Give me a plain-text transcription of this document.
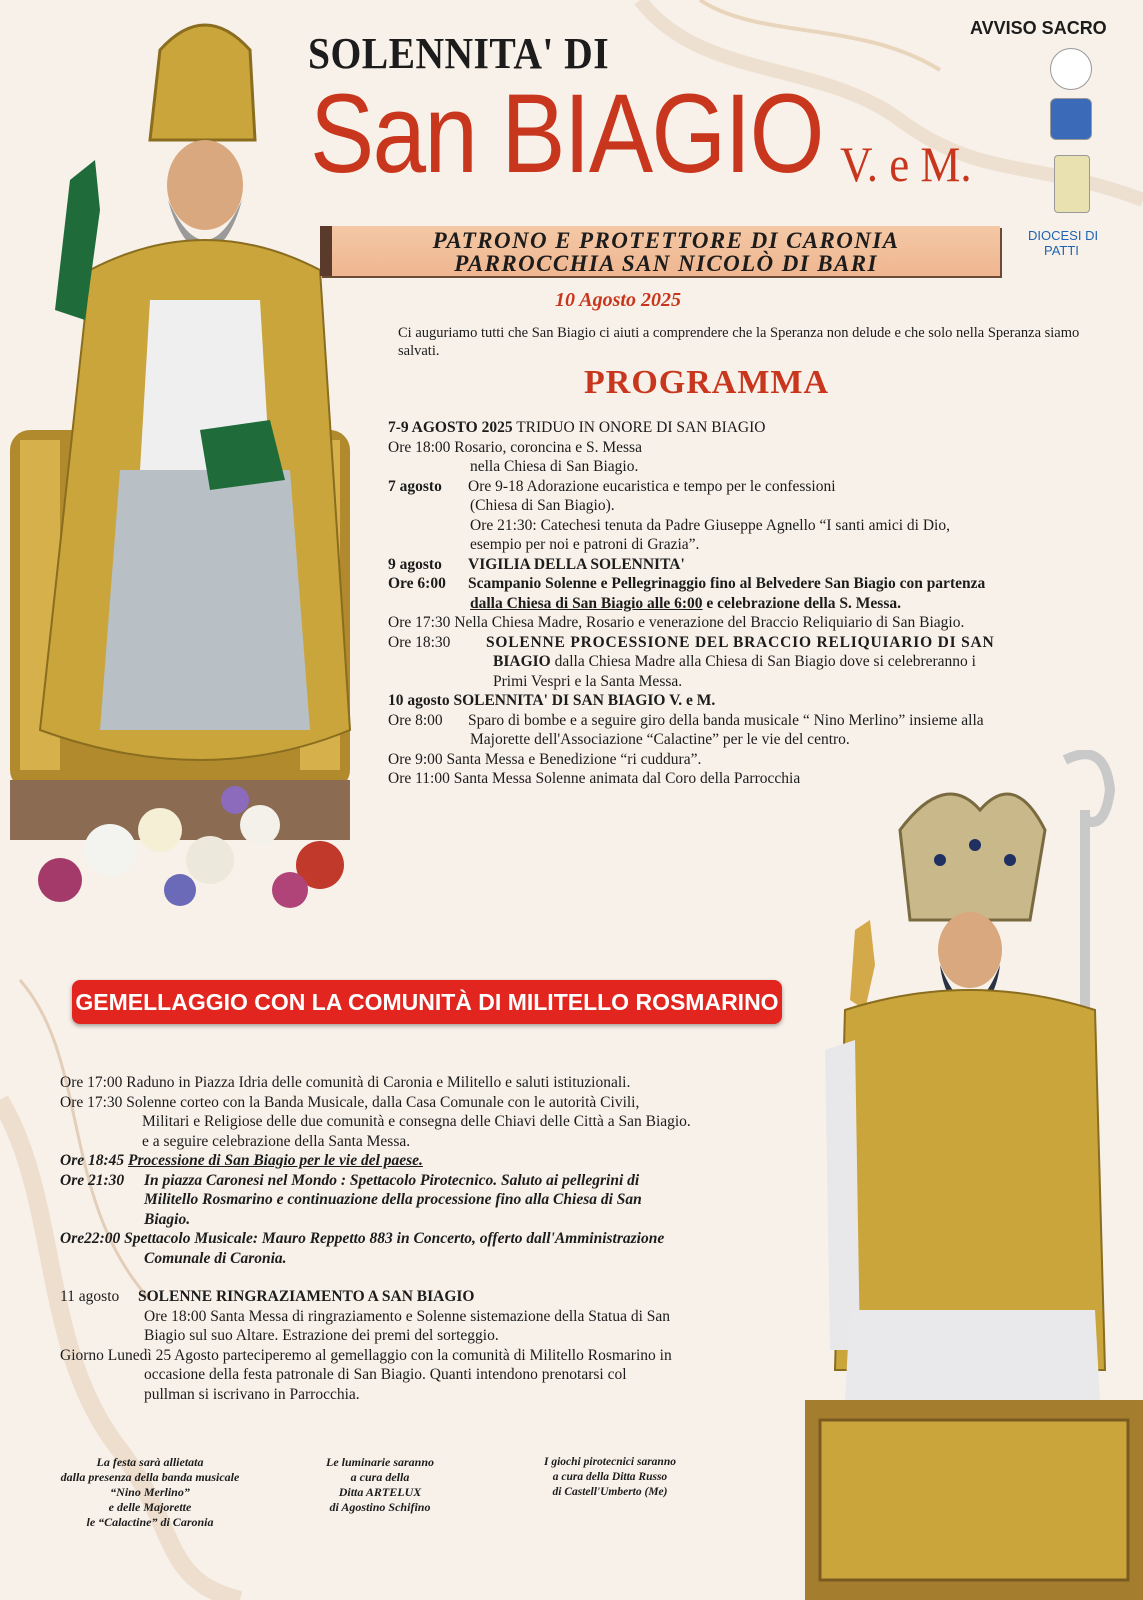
SOLENNITA' DI
San BIAGIO V. e M.
AVVISO SACRO
DIOCESI DI
PATTI
PATRONO E PROTETTORE DI CARONIA
PARROCCHIA SAN NICOLÒ DI BARI
10 Agosto 2025
Ci auguriamo tutti che San Biagio ci aiuti a comprendere che la Speranza non delude e che solo nella Speranza siamo salvati.
PROGRAMMA

7-9 AGOSTO 2025 TRIDUO IN ONORE DI SAN BIAGIO

Ore 18:00 Rosario, coroncina e S. Messa

nella Chiesa di San Biagio.

7 agosto	Ore 9-18 Adorazione eucaristica e tempo per le confessioni

(Chiesa di San Biagio).

Ore 21:30: Catechesi tenuta da Padre Giuseppe Agnello “I santi amici di Dio,

esempio per noi e patroni di Grazia”.

9 agosto	VIGILIA DELLA SOLENNITA'
Ore 6:00	Scampanio Solenne e Pellegrinaggio fino al Belvedere San Biagio con partenza

dalla Chiesa di San Biagio alle 6:00 e celebrazione della S. Messa.

Ore 17:30 Nella Chiesa Madre, Rosario e venerazione del Braccio Reliquiario di San Biagio.

Ore 18:30	SOLENNE PROCESSIONE DEL BRACCIO RELIQUIARIO DI SAN

BIAGIO dalla Chiesa Madre alla Chiesa di San Biagio dove si celebreranno i

Primi Vespri e la Santa Messa.

10 agosto SOLENNITA' DI SAN BIAGIO V. e M.

Ore 8:00	Sparo di bombe e a seguire giro della banda musicale “ Nino Merlino” insieme alla

Majorette dell'Associazione “Calactine” per le vie del centro.

Ore 9:00 Santa Messa e Benedizione “ri cuddura”.

Ore 11:00 Santa Messa Solenne animata dal Coro della Parrocchia

GEMELLAGGIO CON LA COMUNITÀ DI MILITELLO ROSMARINO

Ore 17:00 Raduno in Piazza Idria delle comunità di Caronia e Militello e saluti istituzionali.

Ore 17:30 Solenne corteo con la Banda Musicale, dalla Casa Comunale con le autorità Civili,

Militari e Religiose delle due comunità e consegna delle Chiavi delle Città a San Biagio.

e a seguire celebrazione della Santa Messa.

Ore 18:45 Processione di San Biagio per le vie del paese.

Ore 21:30	In piazza Caronesi nel Mondo : Spettacolo Pirotecnico. Saluto ai pellegrini di

Militello Rosmarino e continuazione della processione fino alla Chiesa di San

Biagio.

Ore22:00 Spettacolo Musicale: Mauro Reppetto 883 in Concerto, offerto dall'Amministrazione

Comunale di Caronia.

11 agosto	SOLENNE RINGRAZIAMENTO A SAN BIAGIO

Ore 18:00 Santa Messa di ringraziamento e Solenne sistemazione della Statua di San

Biagio sul suo Altare. Estrazione dei premi del sorteggio.

Giorno Lunedì 25 Agosto parteciperemo al gemellaggio con la comunità di Militello Rosmarino in

occasione della festa patronale di San Biagio. Quanti intendono prenotarsi col

pullman si iscrivano in Parrocchia.

La festa sarà allietata
dalla presenza della banda musicale
“Nino Merlino”
e delle Majorette
le “Calactine” di Caronia
Le luminarie saranno
a cura della
Ditta ARTELUX
di Agostino Schifino
I giochi pirotecnici saranno
a cura della Ditta Russo
di Castell'Umberto (Me)
